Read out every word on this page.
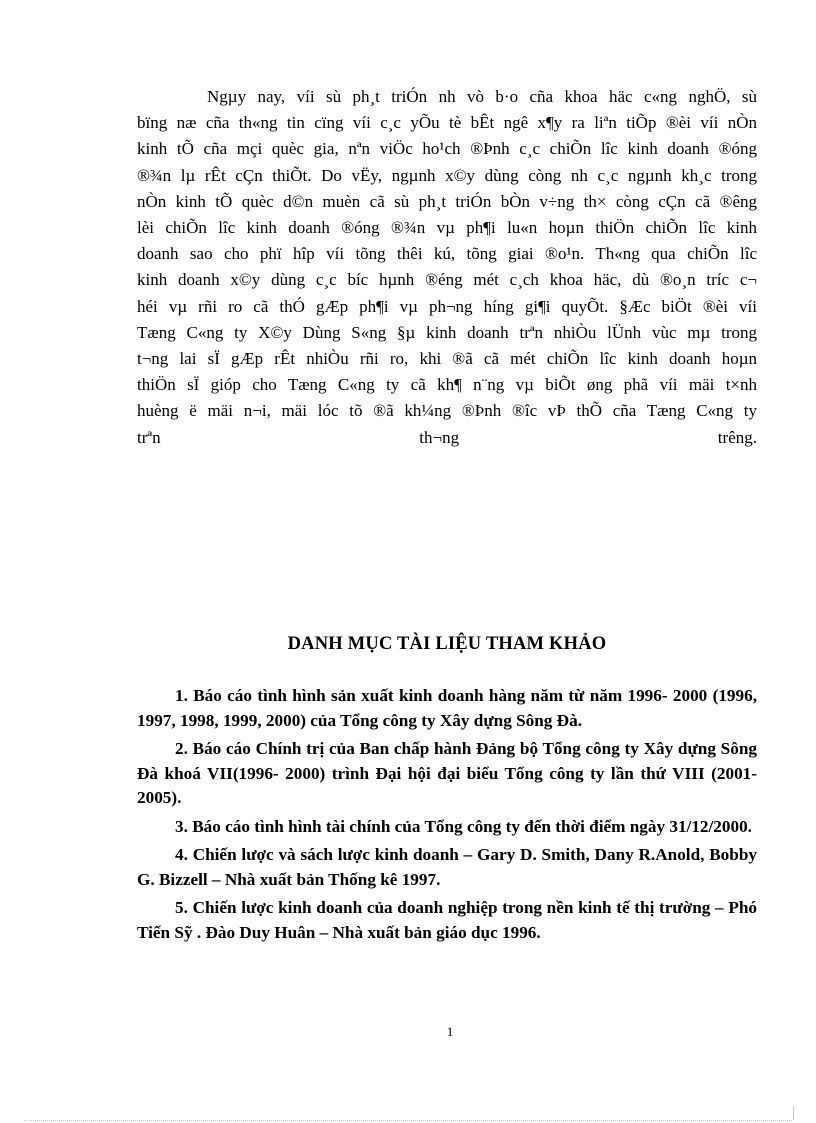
Ngµy nay, víi sù ph¸t triÓn nh vò b·o cña khoa häc c«ng nghÖ, sù
bïng næ cña th«ng tin cïng víi c¸c yÕu tè bÊt ngê x¶y ra liªn tiÕp ®èi víi nÒn
kinh tÕ cña mçi quèc gia, nªn viÖc ho¹ch ®Þnh c¸c chiÕn lîc kinh doanh ®óng
®¾n lµ rÊt cÇn thiÕt. Do vËy, ngµnh x©y dùng còng nh c¸c ngµnh kh¸c trong
nÒn kinh tÕ quèc d©n muèn cã sù ph¸t triÓn bÒn v÷ng th× còng cÇn cã ®êng
lèi chiÕn lîc kinh doanh ®óng ®¾n vµ ph¶i lu«n hoµn thiÖn chiÕn lîc kinh
doanh sao cho phï hîp víi tõng thêi kú, tõng giai ®o¹n. Th«ng qua chiÕn lîc
kinh doanh x©y dùng c¸c bíc hµnh ®éng mét c¸ch khoa häc, dù ®o¸n tríc c¬
héi vµ rñi ro cã thÓ gÆp ph¶i vµ ph¬ng híng gi¶i quyÕt. §Æc biÖt ®èi víi
Tæng C«ng ty X©y Dùng S«ng §µ kinh doanh trªn nhiÒu lÜnh vùc mµ trong
t¬ng lai sÏ gÆp rÊt nhiÒu rñi ro, khi ®ã cã mét chiÕn lîc kinh doanh hoµn
thiÖn sÏ gióp cho Tæng C«ng ty cã kh¶ n¨ng vµ biÕt øng phã víi mäi t×nh
huèng ë mäi n¬i, mäi lóc tõ ®ã kh¼ng ®Þnh ®îc vÞ thÕ cña Tæng C«ng ty
trªn th¬ng trêng.

DANH MỤC TÀI LIỆU THAM KHẢO

1. Báo cáo tình hình sản xuất kinh doanh hàng năm từ năm 1996- 2000 (1996, 1997, 1998, 1999, 2000) của Tổng công ty Xây dựng Sông Đà.

2. Báo cáo Chính trị của Ban chấp hành Đảng bộ Tổng công ty Xây dựng Sông Đà khoá VII(1996- 2000) trình Đại hội đại biểu Tổng công ty lần thứ VIII (2001- 2005).

3. Báo cáo tình hình tài chính của Tổng công ty đến thời điểm ngày 31/12/2000.

4. Chiến lược và sách lược kinh doanh – Gary D. Smith, Dany R.Anold, Bobby G. Bizzell – Nhà xuất bản Thống kê 1997.

5. Chiến lược kinh doanh của doanh nghiệp trong nền kinh tế thị trường – Phó Tiến Sỹ . Đào Duy Huân – Nhà xuất bản giáo dục 1996.

1
